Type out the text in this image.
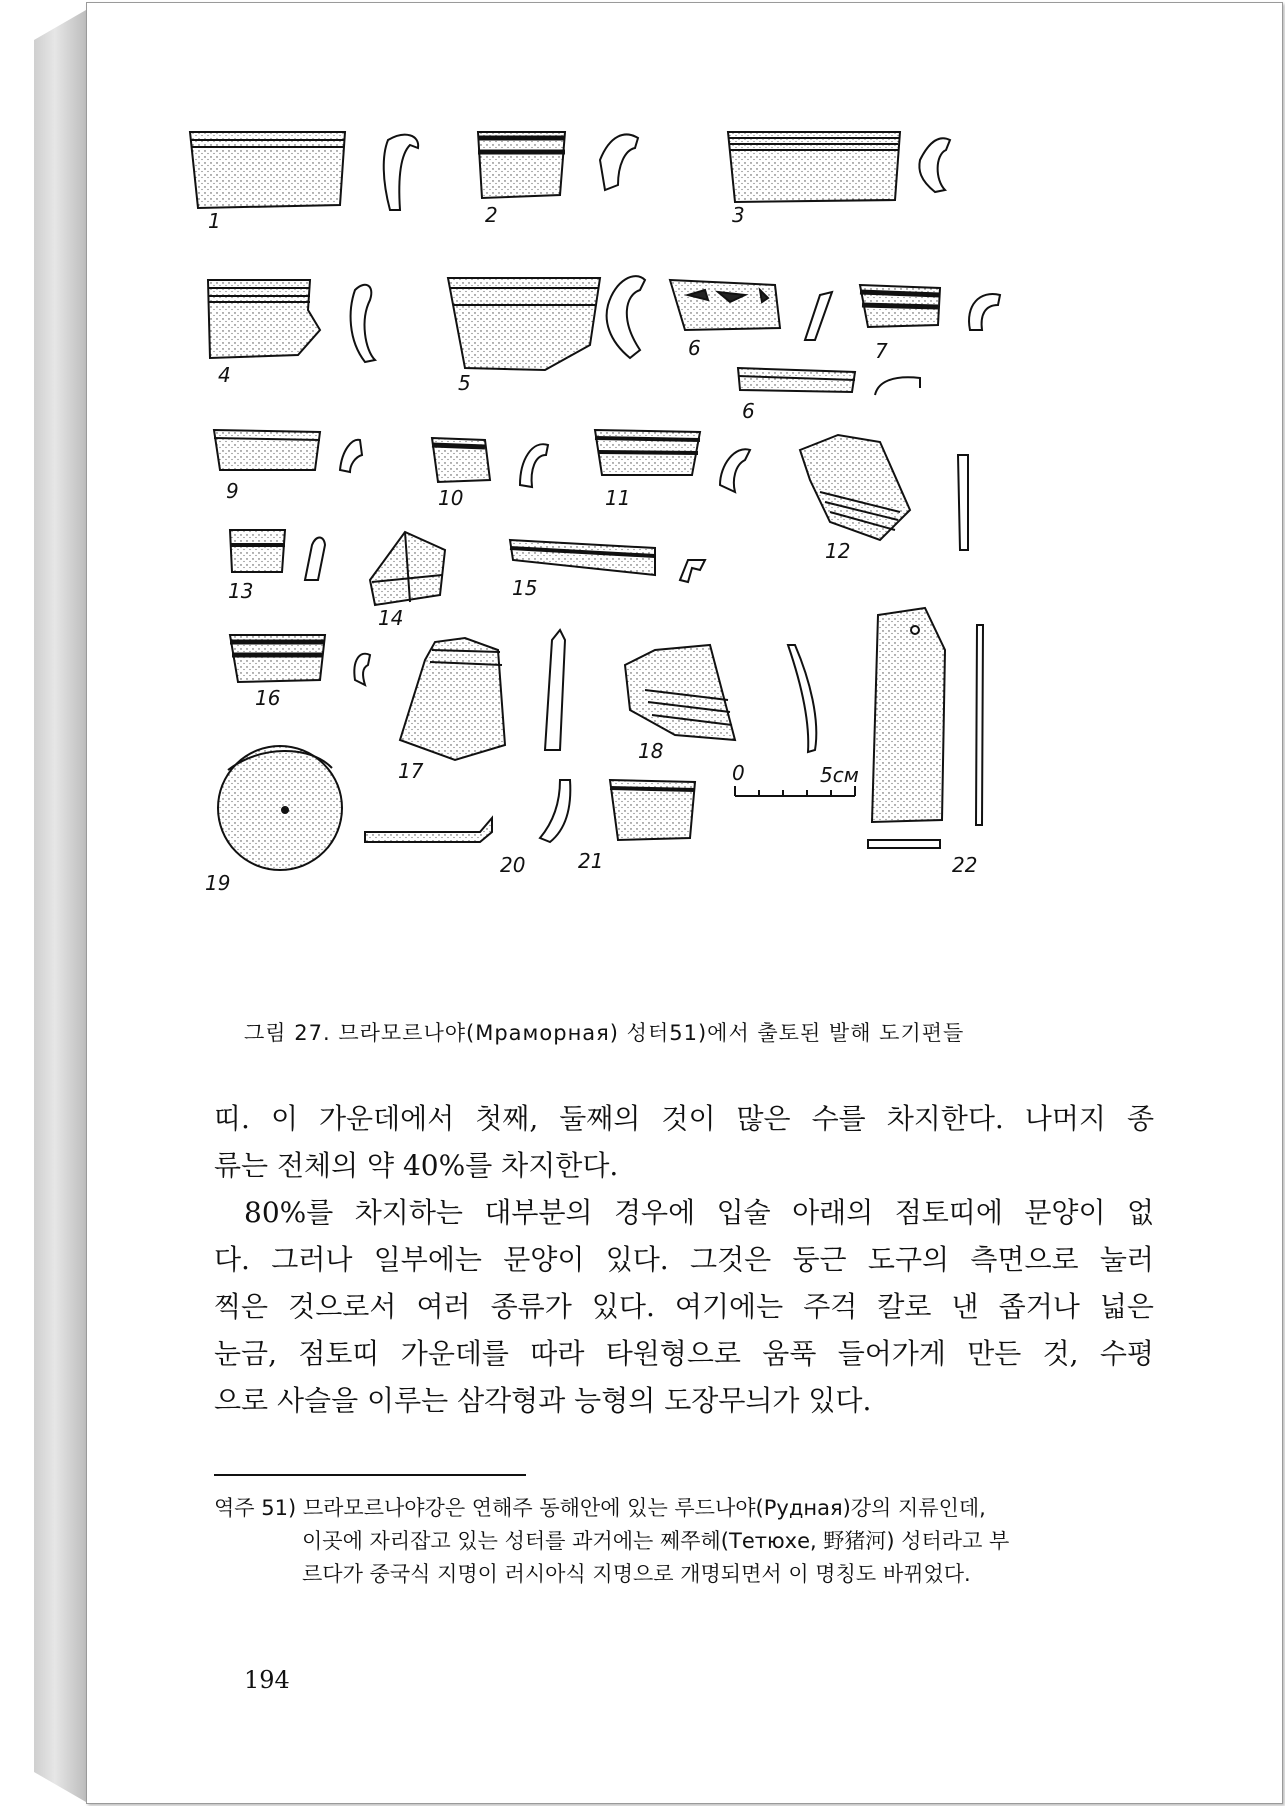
1	2	3
4	5
6
6
7
9	10	11
12
13
14
15
16
17
18
19
20	21	22
0	5см
그림 27. 므라모르나야(Мраморная) 성터51)에서 출토된 발해 도기편들

띠. 이 가운데에서 첫째, 둘째의 것이 많은 수를 차지한다. 나머지 종

류는 전체의 약 40%를 차지한다.

80%를 차지하는 대부분의 경우에 입술 아래의 점토띠에 문양이 없

다. 그러나 일부에는 문양이 있다. 그것은 둥근 도구의 측면으로 눌러

찍은 것으로서 여러 종류가 있다. 여기에는 주걱 칼로 낸 좁거나 넓은

눈금, 점토띠 가운데를 따라 타원형으로 움푹 들어가게 만든 것, 수평

으로 사슬을 이루는 삼각형과 능형의 도장무늬가 있다.

역주 51) 므라모르나야강은 연해주 동해안에 있는 루드나야(Рудная)강의 지류인데,
이곳에 자리잡고 있는 성터를 과거에는 쩨쭈헤(Тетюхе, 野猪河) 성터라고 부
르다가 중국식 지명이 러시아식 지명으로 개명되면서 이 명칭도 바뀌었다.
194
